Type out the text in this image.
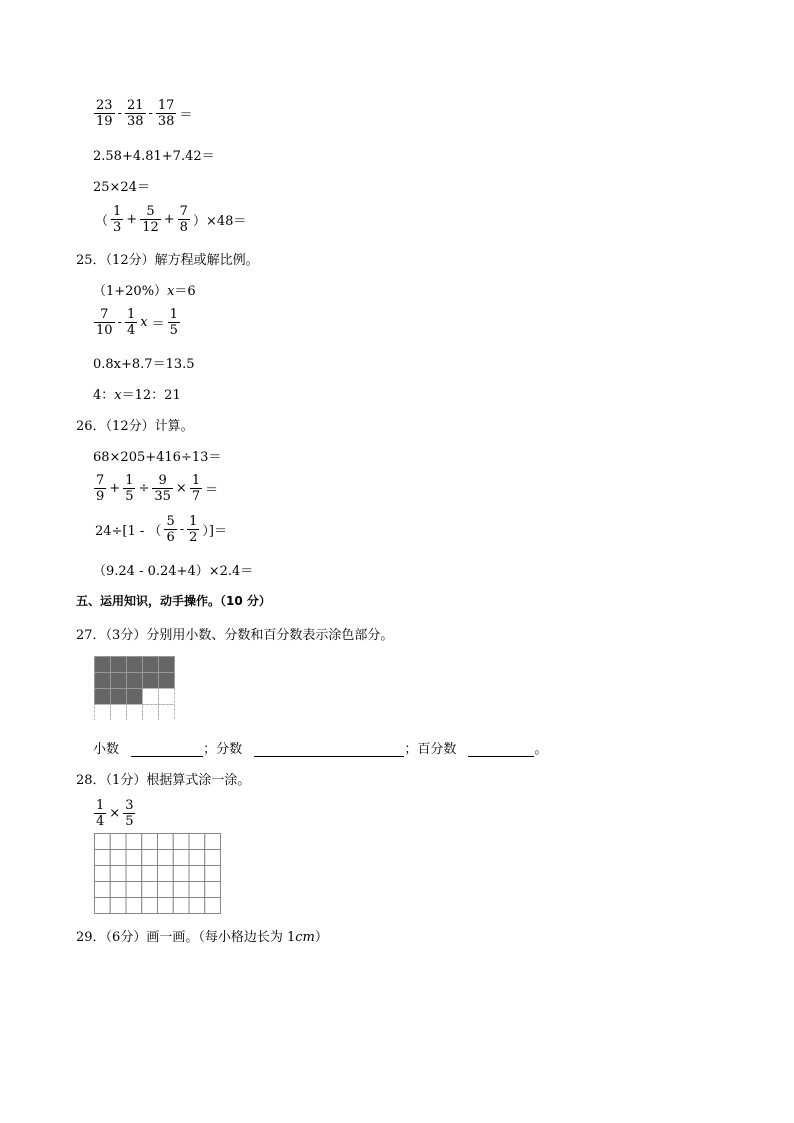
$\frac{23}{19} - \frac{21}{38} - \frac{17}{38}$ ＝
2.58+4.81+7.42＝
25×24＝
（ $\frac{1}{3} + \frac{5}{12} + \frac{7}{8} )\times 48=$
25．（12分）解方程或解比例。
（1+20%）x＝6
$\frac{7}{10} - \frac{1}{4}$ $x = \frac{1}{5}$
0.8x+8.7＝13.5
4：x＝12：21
26．（12分）计算。
68×205+416÷13＝
$\frac{7}{9} + \frac{1}{5} \div \frac{9}{35} \times \frac{1}{7}$ ＝
24÷[1 - （ $\frac{5}{6} - \frac{1}{2}$ ）]＝
（9.24 - 0.24+4）×2.4＝
五、运用知识，动手操作。（10 分）
27．（3分）分别用小数、分数和百分数表示涂色部分。
小数	；分数	；百分数	。
28．（1分）根据算式涂一涂。
$\frac{1}{4} \times \frac{3}{5}$
29．（6分）画一画。（每小格边长为 1cm）
